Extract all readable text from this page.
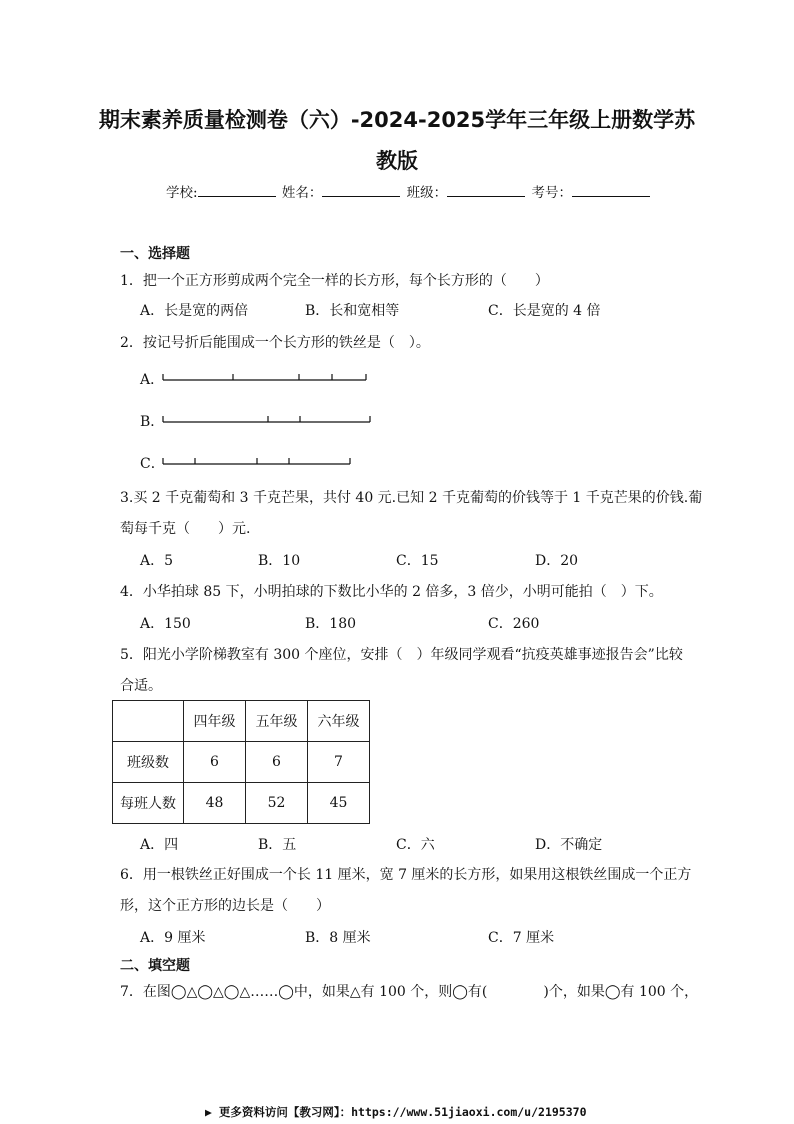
期末素养质量检测卷（六）-2024-2025学年三年级上册数学苏
教版
学校:	姓名：	班级：	考号：
一、选择题
1．把一个正方形剪成两个完全一样的长方形，每个长方形的（　　）
A．长是宽的两倍	B．长和宽相等	C．长是宽的 4 倍
2．按记号折后能围成一个长方形的铁丝是（　）。
A．
B．
C．
3.买 2 千克葡萄和 3 千克芒果，共付 40 元.已知 2 千克葡萄的价钱等于 1 千克芒果的价钱.葡
萄每千克（　　）元.
A．5	B．10	C．15	D．20
4．小华拍球 85 下，小明拍球的下数比小华的 2 倍多，3 倍少，小明可能拍（　）下。
A．150	B．180	C．260
5．阳光小学阶梯教室有 300 个座位，安排（　）年级同学观看“抗疫英雄事迹报告会”比较
合适。
	四年级	五年级	六年级
班级数	6	6	7
每班人数	48	52	45
A．四	B．五	C．六	D．不确定
6．用一根铁丝正好围成一个长 11 厘米，宽 7 厘米的长方形，如果用这根铁丝围成一个正方
形，这个正方形的边长是（　　）
A．9 厘米	B．8 厘米	C．7 厘米
二、填空题
7．在图◯△◯△◯△……◯中，如果△有 100 个，则◯有(　　　　)个，如果◯有 100 个，
▶ 更多资料访问【教习网】：https://www.51jiaoxi.com/u/2195370
